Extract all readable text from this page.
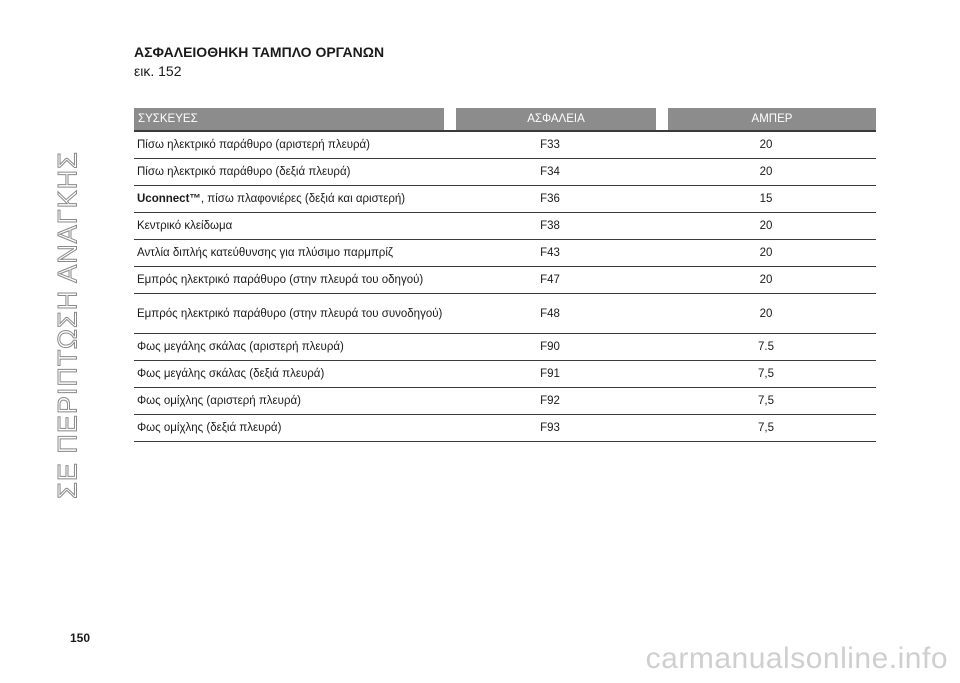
ΣΕ ΠΕΡΙΠΤΩΣΗ ΑΝΑΓΚΗΣ
ΑΣΦΑΛΕΙΟΘΗΚΗ ΤΑΜΠΛΟ ΟΡΓΑΝΩΝ
εικ. 152
ΣΥΣΚΕΥΕΣ	ΑΣΦΑΛΕΙΑ	ΑΜΠΕΡ
Πίσω ηλεκτρικό παράθυρο (αριστερή πλευρά)	F33	20
Πίσω ηλεκτρικό παράθυρο (δεξιά πλευρά)	F34	20
Uconnect™, πίσω πλαφονιέρες (δεξιά και αριστερή)	F36	15
Κεντρικό κλείδωμα	F38	20
Αντλία διπλής κατεύθυνσης για πλύσιμο παρμπρίζ	F43	20
Εμπρός ηλεκτρικό παράθυρο (στην πλευρά του οδηγού)	F47	20
Εμπρός ηλεκτρικό παράθυρο (στην πλευρά του συνοδηγού)	F48	20
Φως μεγάλης σκάλας (αριστερή πλευρά)	F90	7.5
Φως μεγάλης σκάλας (δεξιά πλευρά)	F91	7,5
Φως ομίχλης (αριστερή πλευρά)	F92	7,5
Φως ομίχλης (δεξιά πλευρά)	F93	7,5
150
carmanualsonline.info
